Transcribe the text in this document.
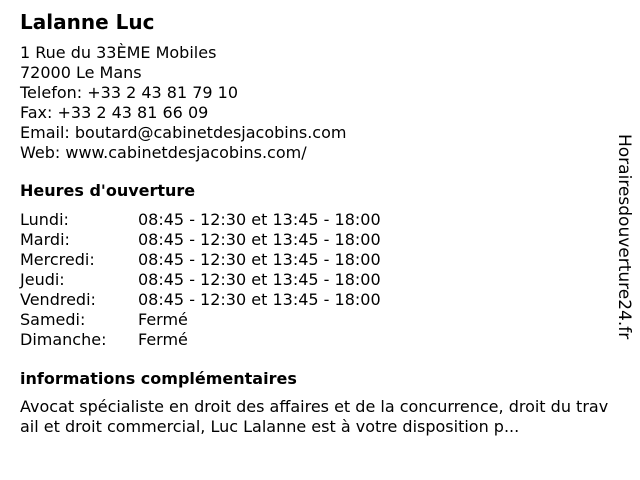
Lalanne Luc
1 Rue du 33ÈME Mobiles
72000 Le Mans
Telefon: +33 2 43 81 79 10
Fax: +33 2 43 81 66 09
Email: boutard@cabinetdesjacobins.com
Web: www.cabinetdesjacobins.com/
Heures d'ouverture
Lundi:	08:45 - 12:30 et 13:45 - 18:00
Mardi:	08:45 - 12:30 et 13:45 - 18:00
Mercredi:	08:45 - 12:30 et 13:45 - 18:00
Jeudi:	08:45 - 12:30 et 13:45 - 18:00
Vendredi:	08:45 - 12:30 et 13:45 - 18:00
Samedi:	Fermé
Dimanche:	Fermé
informations complémentaires
Avocat spécialiste en droit des affaires et de la concurrence, droit du travail et droit commercial, Luc Lalanne est à votre disposition p...
Horairesdouverture24.fr
